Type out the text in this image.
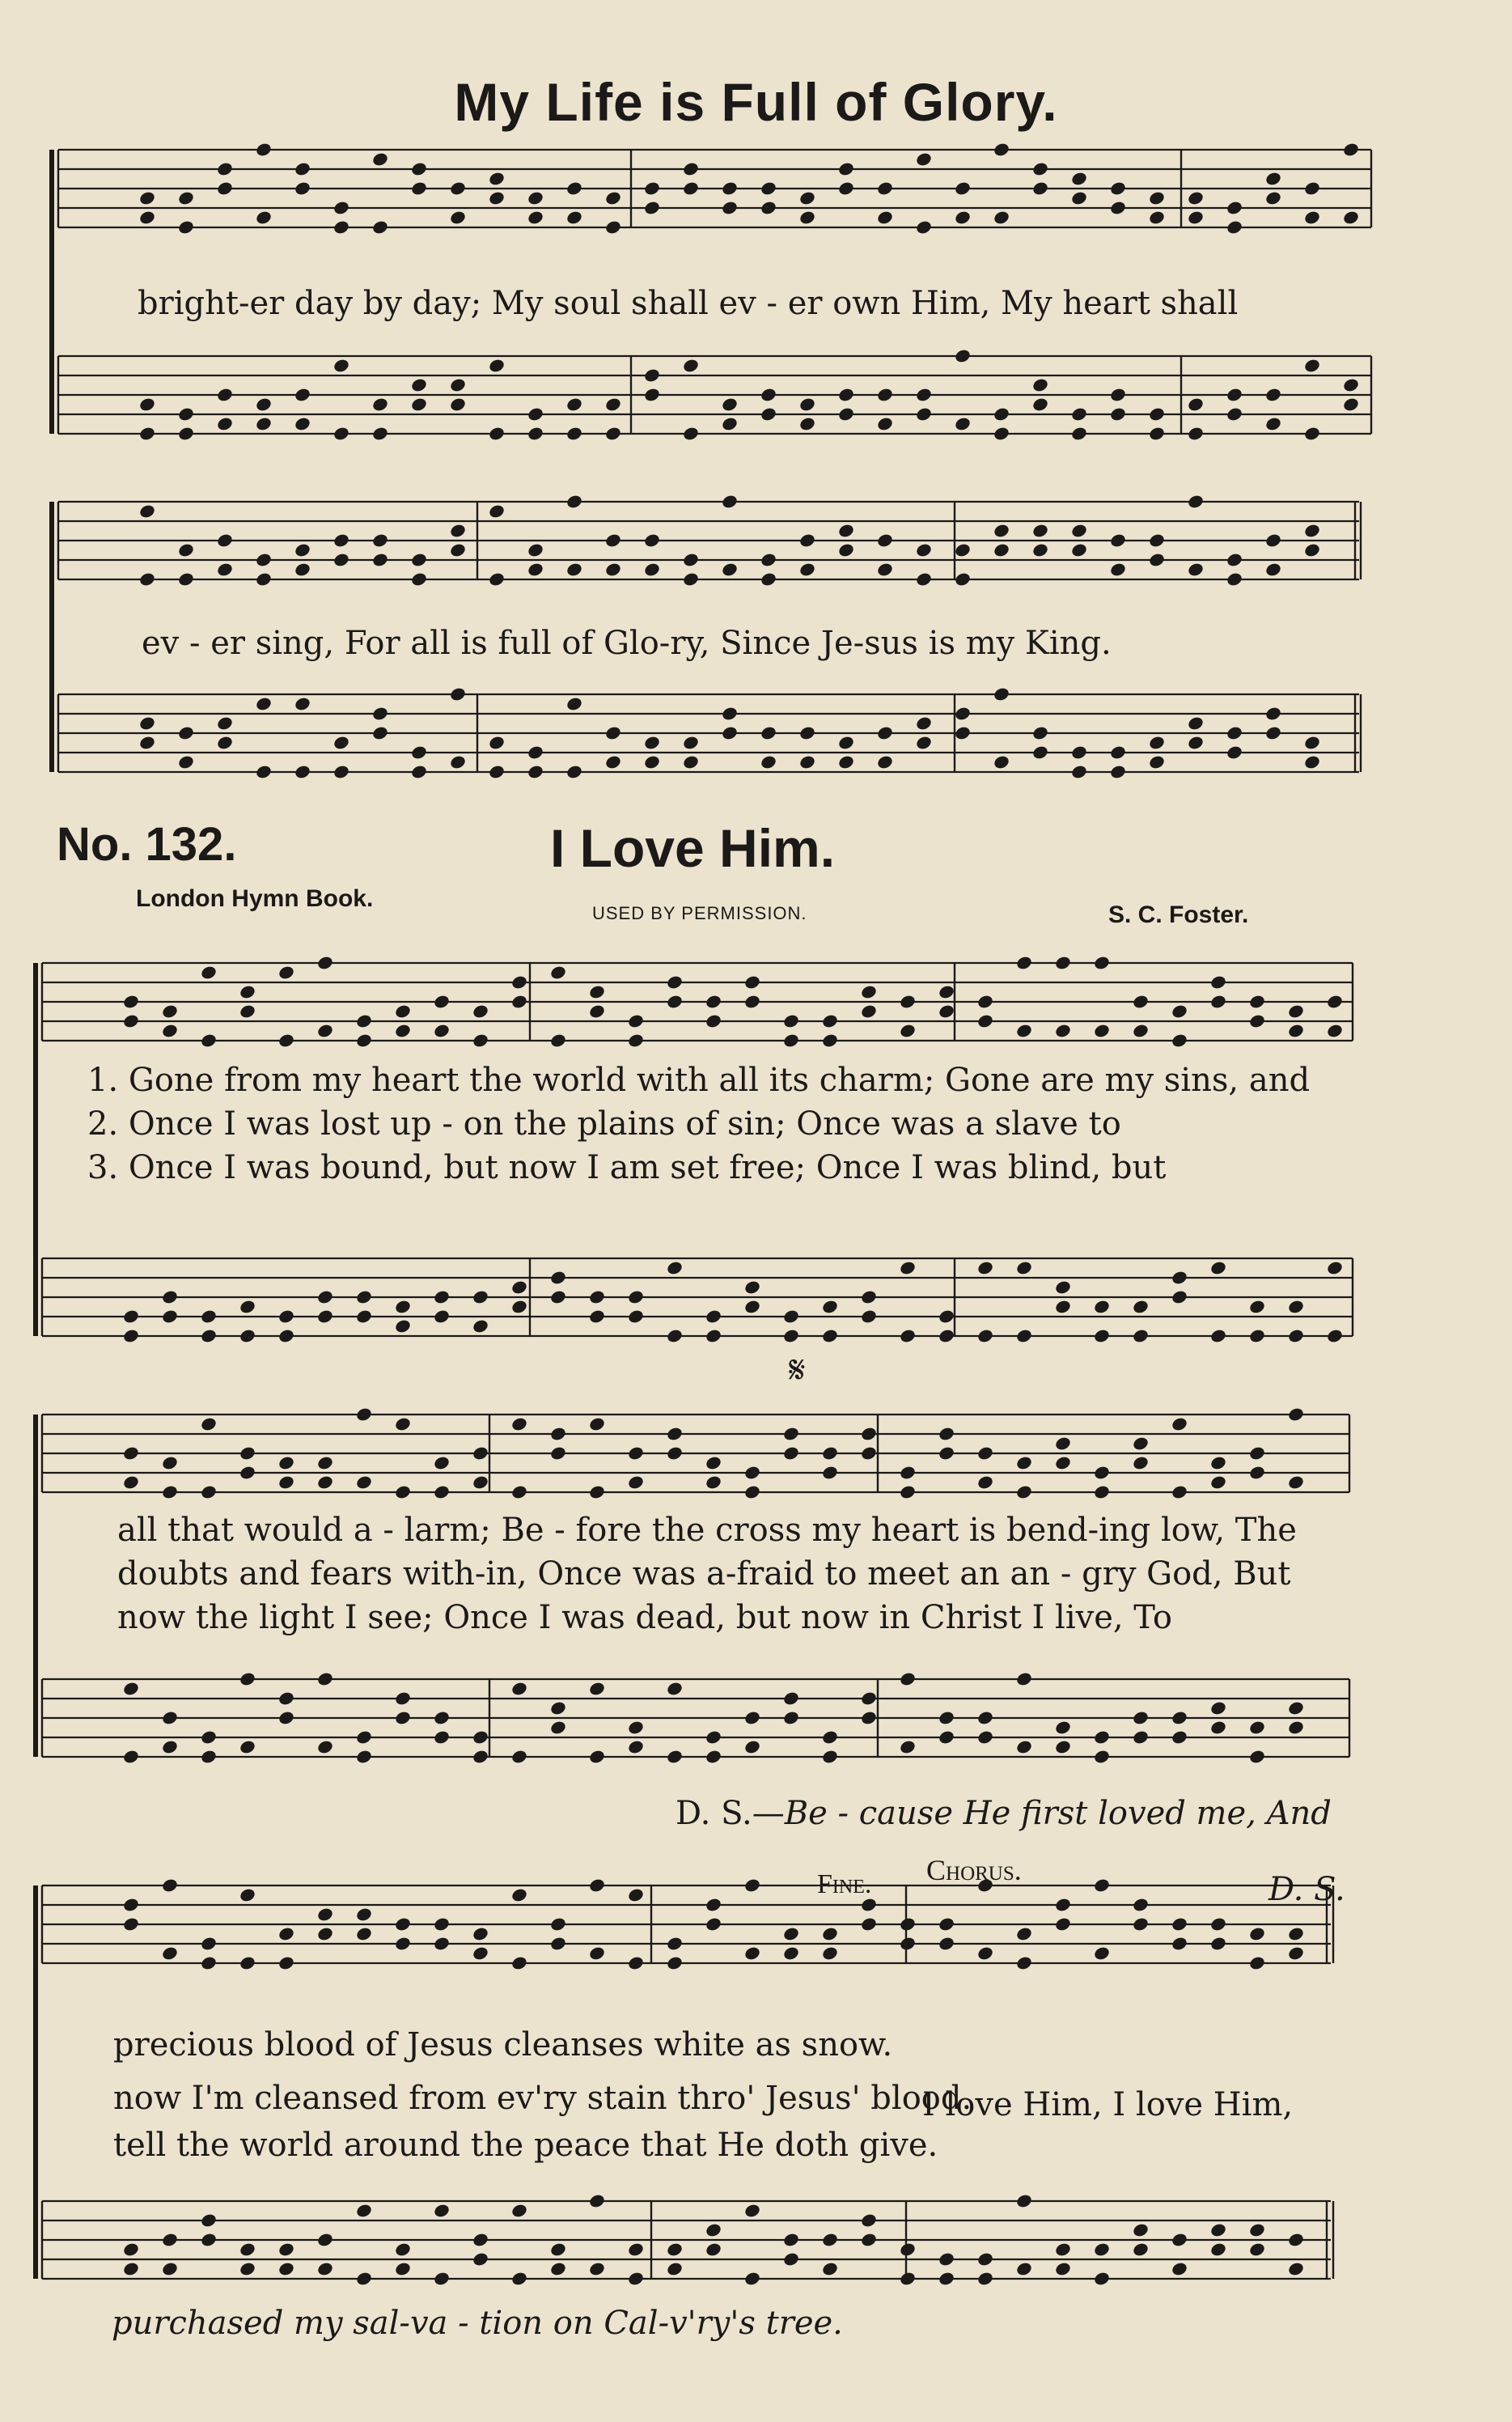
My Life is Full of Glory.
bright-er day by day; My soul shall ev - er own Him, My heart shall
ev - er sing, For all is full of Glo-ry, Since Je-sus is my King.
No. 132.	I Love Him.
London Hymn Book.
USED BY PERMISSION.	S. C. Foster.
1. Gone from my heart the world with all its charm; Gone are my sins, and
2. Once I was lost up - on the plains of sin; Once was a slave to
3. Once I was bound, but now I am set free; Once I was blind, but
𝄋
all that would a - larm; Be - fore the cross my heart is bend-ing low, The
doubts and fears with-in, Once was a-fraid to meet an an - gry God, But
now the light I see; Once I was dead, but now in Christ I live, To
D. S.—Be - cause He first loved me, And
Fine. Chorus.
D. S.
precious blood of Jesus cleanses white as snow.
now I'm cleansed from ev'ry stain thro' Jesus' blood.
I love Him, I love Him,
tell the world around the peace that He doth give.
purchased my sal-va - tion on Cal-v'ry's tree.
